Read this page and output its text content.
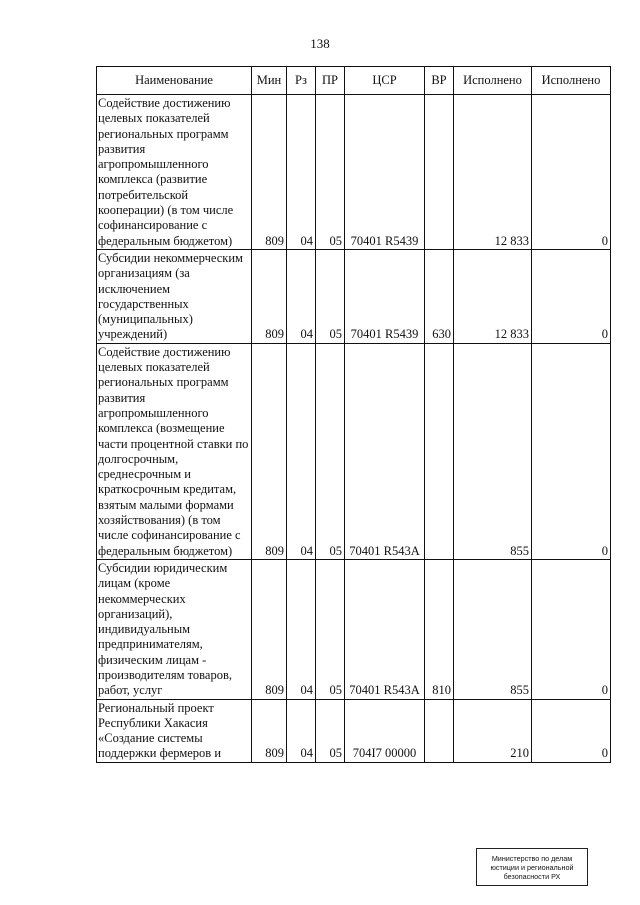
138
Наименование	Мин	Рз	ПР	ЦСР	ВР	Исполнено	Исполнено
Содействие достижению целевых показателей региональных программ развития агропромышленного комплекса (развитие потребительской кооперации) (в том числе софинансирование с федеральным бюджетом)	809	04	05	70401 R5439		12 833	0
Субсидии некоммерческим организациям (за исключением государственных (муниципальных) учреждений)	809	04	05	70401 R5439	630	12 833	0
Содействие достижению целевых показателей региональных программ развития агропромышленного комплекса (возмещение части процентной ставки по долгосрочным, среднесрочным и краткосрочным кредитам, взятым малыми формами хозяйствования) (в том числе софинансирование с федеральным бюджетом)	809	04	05	70401 R543A		855	0
Субсидии юридическим лицам (кроме некоммерческих организаций), индивидуальным предпринимателям, физическим лицам - производителям товаров, работ, услуг	809	04	05	70401 R543A	810	855	0
Региональный проект Республики Хакасия «Создание системы поддержки фермеров и	809	04	05	704I7 00000		210	0
Министерство по делам
юстиции и региональной
безопасности РХ
